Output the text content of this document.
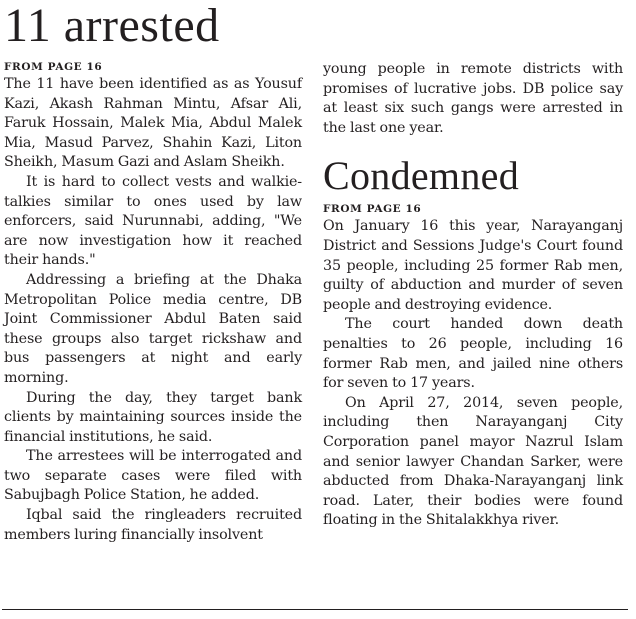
11 arrested

FROM PAGE 16

The 11 have been identified as as Yousuf Kazi, Akash Rahman Mintu, Afsar Ali, Faruk Hossain, Malek Mia, Abdul Malek Mia, Masud Parvez, Shahin Kazi, Liton Sheikh, Masum Gazi and Aslam Sheikh.

It is hard to collect vests and walkie-talkies similar to ones used by law enforcers, said Nurunnabi, adding, "We are now investigation how it reached their hands."

Addressing a briefing at the Dhaka Metropolitan Police media centre, DB Joint Commissioner Abdul Baten said these groups also target rickshaw and bus passengers at night and early morning.

During the day, they target bank clients by maintaining sources inside the financial institutions, he said.

The arrestees will be interrogated and two separate cases were filed with Sabujbagh Police Station, he added.

Iqbal said the ringleaders recruited members luring financially insolvent

young people in remote districts with promises of lucrative jobs. DB police say at least six such gangs were arrested in the last one year.

Condemned

FROM PAGE 16

On January 16 this year, Narayanganj District and Sessions Judge's Court found 35 people, including 25 former Rab men, guilty of abduction and murder of seven people and destroying evidence.

The court handed down death penalties to 26 people, including 16 former Rab men, and jailed nine others for seven to 17 years.

On April 27, 2014, seven people, including then Narayanganj City Corporation panel mayor Nazrul Islam and senior lawyer Chandan Sarker, were abducted from Dhaka-Narayanganj link road. Later, their bodies were found floating in the Shitalakkhya river.
